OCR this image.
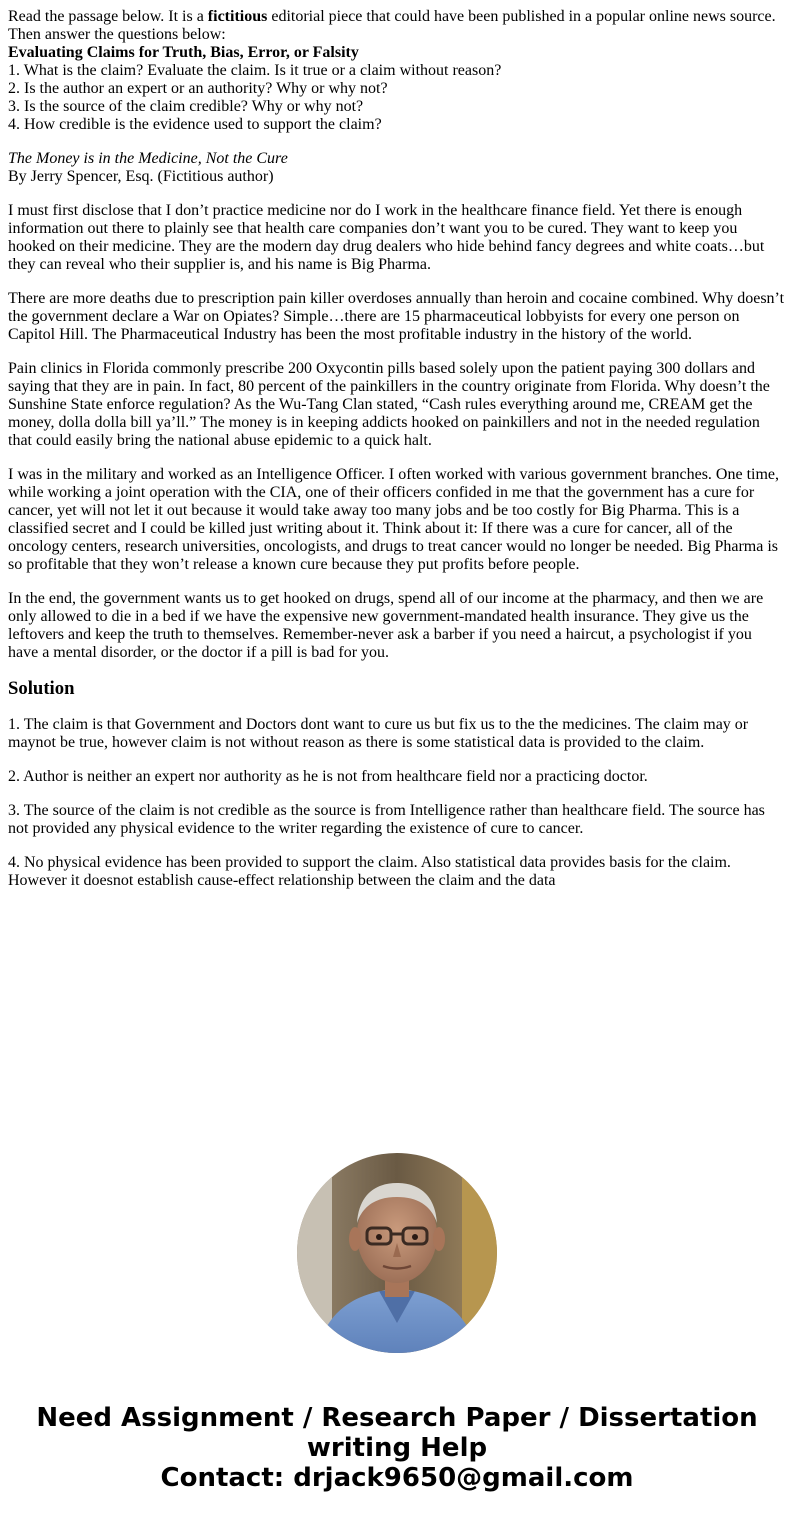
Read the passage below. It is a fictitious editorial piece that could have been published in a popular online news source. Then answer the questions below:

Evaluating Claims for Truth, Bias, Error, or Falsity

1. What is the claim? Evaluate the claim. Is it true or a claim without reason?

2. Is the author an expert or an authority? Why or why not?

3. Is the source of the claim credible? Why or why not?

4. How credible is the evidence used to support the claim?

The Money is in the Medicine, Not the Cure

By Jerry Spencer, Esq. (Fictitious author)

I must first disclose that I don’t practice medicine nor do I work in the healthcare finance field. Yet there is enough information out there to plainly see that health care companies don’t want you to be cured. They want to keep you hooked on their medicine. They are the modern day drug dealers who hide behind fancy degrees and white coats…but they can reveal who their supplier is, and his name is Big Pharma.

There are more deaths due to prescription pain killer overdoses annually than heroin and cocaine combined. Why doesn’t the government declare a War on Opiates? Simple…there are 15 pharmaceutical lobbyists for every one person on Capitol Hill. The Pharmaceutical Industry has been the most profitable industry in the history of the world.

Pain clinics in Florida commonly prescribe 200 Oxycontin pills based solely upon the patient paying 300 dollars and saying that they are in pain. In fact, 80 percent of the painkillers in the country originate from Florida. Why doesn’t the Sunshine State enforce regulation? As the Wu-Tang Clan stated, “Cash rules everything around me, CREAM get the money, dolla dolla bill ya’ll.” The money is in keeping addicts hooked on painkillers and not in the needed regulation that could easily bring the national abuse epidemic to a quick halt.

I was in the military and worked as an Intelligence Officer. I often worked with various government branches. One time, while working a joint operation with the CIA, one of their officers confided in me that the government has a cure for cancer, yet will not let it out because it would take away too many jobs and be too costly for Big Pharma. This is a classified secret and I could be killed just writing about it. Think about it: If there was a cure for cancer, all of the oncology centers, research universities, oncologists, and drugs to treat cancer would no longer be needed. Big Pharma is so profitable that they won’t release a known cure because they put profits before people.

In the end, the government wants us to get hooked on drugs, spend all of our income at the pharmacy, and then we are only allowed to die in a bed if we have the expensive new government-mandated health insurance. They give us the leftovers and keep the truth to themselves. Remember-never ask a barber if you need a haircut, a psychologist if you have a mental disorder, or the doctor if a pill is bad for you.

Solution

1. The claim is that Government and Doctors dont want to cure us but fix us to the the medicines. The claim may or maynot be true, however claim is not without reason as there is some statistical data is provided to the claim.

2. Author is neither an expert nor authority as he is not from healthcare field nor a practicing doctor.

3. The source of the claim is not credible as the source is from Intelligence rather than healthcare field. The source has not provided any physical evidence to the writer regarding the existence of cure to cancer.

4. No physical evidence has been provided to support the claim. Also statistical data provides basis for the claim. However it doesnot establish cause-effect relationship between the claim and the data

Need Assignment / Research Paper / Dissertation
writing Help
Contact: drjack9650@gmail.com
